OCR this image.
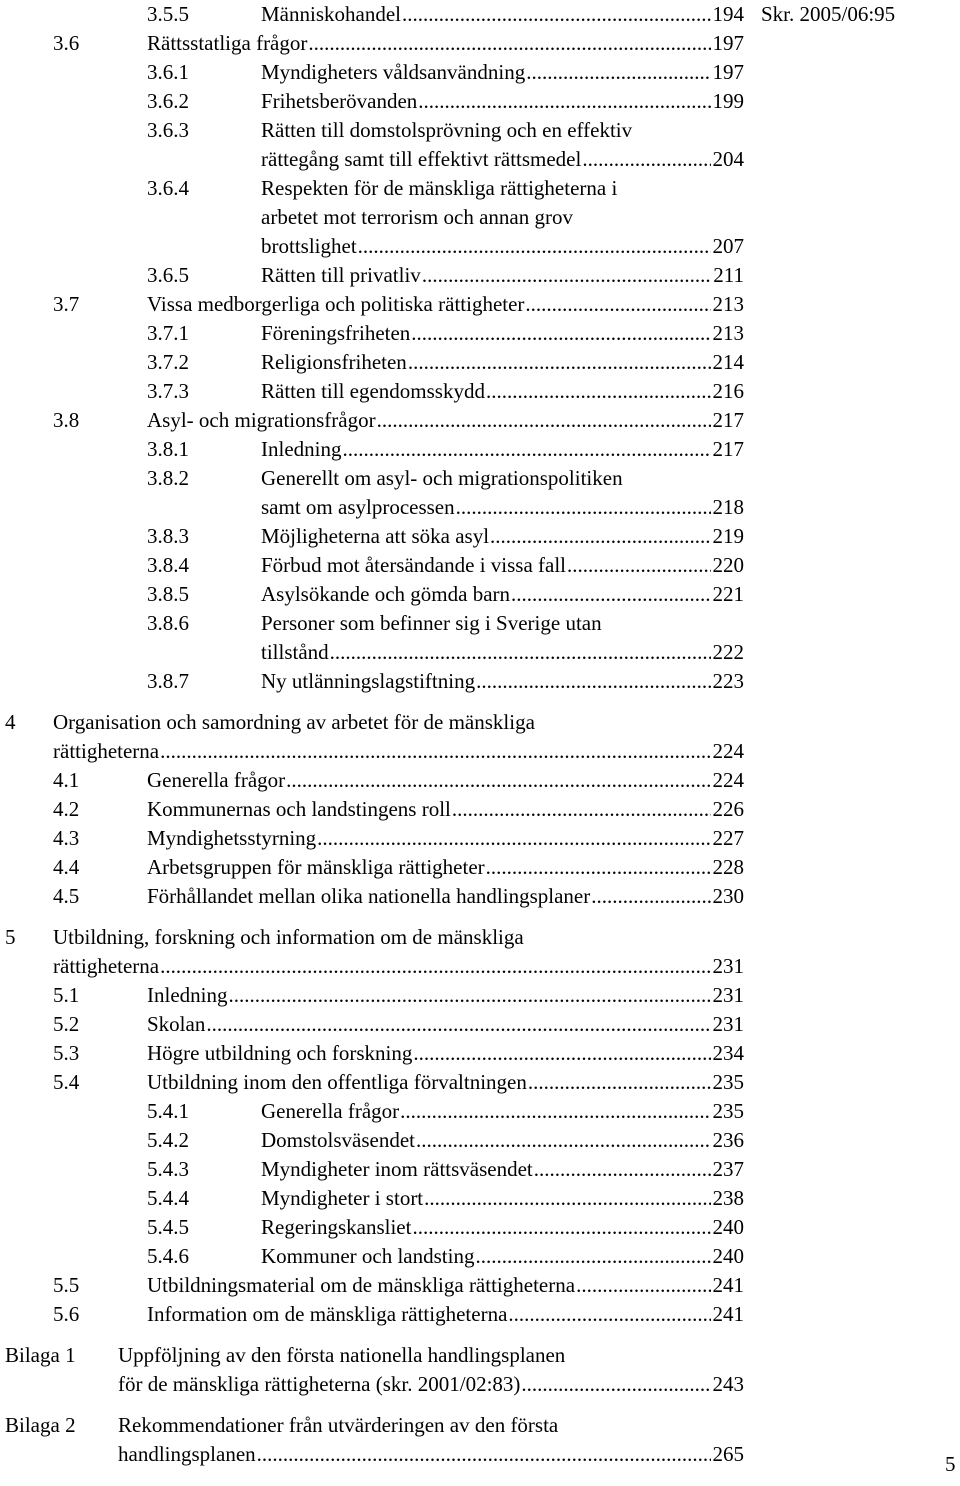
Skr. 2005/06:95
3.5.5	Människohandel .....	194
3.6	Rättsstatliga frågor .....	197
3.6.1	Myndigheters våldsanvändning .....	197
3.6.2	Frihetsberövanden .....	199
3.6.3	Rätten till domstolsprövning och en effektiv
rättegång samt till effektivt rättsmedel .....	204
3.6.4	Respekten för de mänskliga rättigheterna i
arbetet mot terrorism och annan grov
brottslighet .....	207
3.6.5	Rätten till privatliv .....	211
3.7	Vissa medborgerliga och politiska rättigheter .....	213
3.7.1	Föreningsfriheten .....	213
3.7.2	Religionsfriheten .....	214
3.7.3	Rätten till egendomsskydd .....	216
3.8	Asyl- och migrationsfrågor .....	217
3.8.1	Inledning .....	217
3.8.2	Generellt om asyl- och migrationspolitiken
samt om asylprocessen .....	218
3.8.3	Möjligheterna att söka asyl .....	219
3.8.4	Förbud mot återsändande i vissa fall .....	220
3.8.5	Asylsökande och gömda barn .....	221
3.8.6	Personer som befinner sig i Sverige utan
tillstånd .....	222
3.8.7	Ny utlänningslagstiftning .....	223
4 Organisation och samordning av arbetet för de mänskliga
rättigheterna .....	224
4.1	Generella frågor .....	224
4.2	Kommunernas och landstingens roll .....	226
4.3	Myndighetsstyrning .....	227
4.4	Arbetsgruppen för mänskliga rättigheter .....	228
4.5	Förhållandet mellan olika nationella handlingsplaner .....	230
5 Utbildning, forskning och information om de mänskliga
rättigheterna .....	231
5.1	Inledning .....	231
5.2	Skolan .....	231
5.3	Högre utbildning och forskning .....	234
5.4	Utbildning inom den offentliga förvaltningen .....	235
5.4.1	Generella frågor .....	235
5.4.2	Domstolsväsendet .....	236
5.4.3	Myndigheter inom rättsväsendet .....	237
5.4.4	Myndigheter i stort .....	238
5.4.5	Regeringskansliet .....	240
5.4.6	Kommuner och landsting .....	240
5.5	Utbildningsmaterial om de mänskliga rättigheterna .....	241
5.6	Information om de mänskliga rättigheterna .....	241
Bilaga 1 Uppföljning av den första nationella handlingsplanen
för de mänskliga rättigheterna (skr. 2001/02:83) .....	243
Bilaga 2 Rekommendationer från utvärderingen av den första
handlingsplanen .....	265	5
